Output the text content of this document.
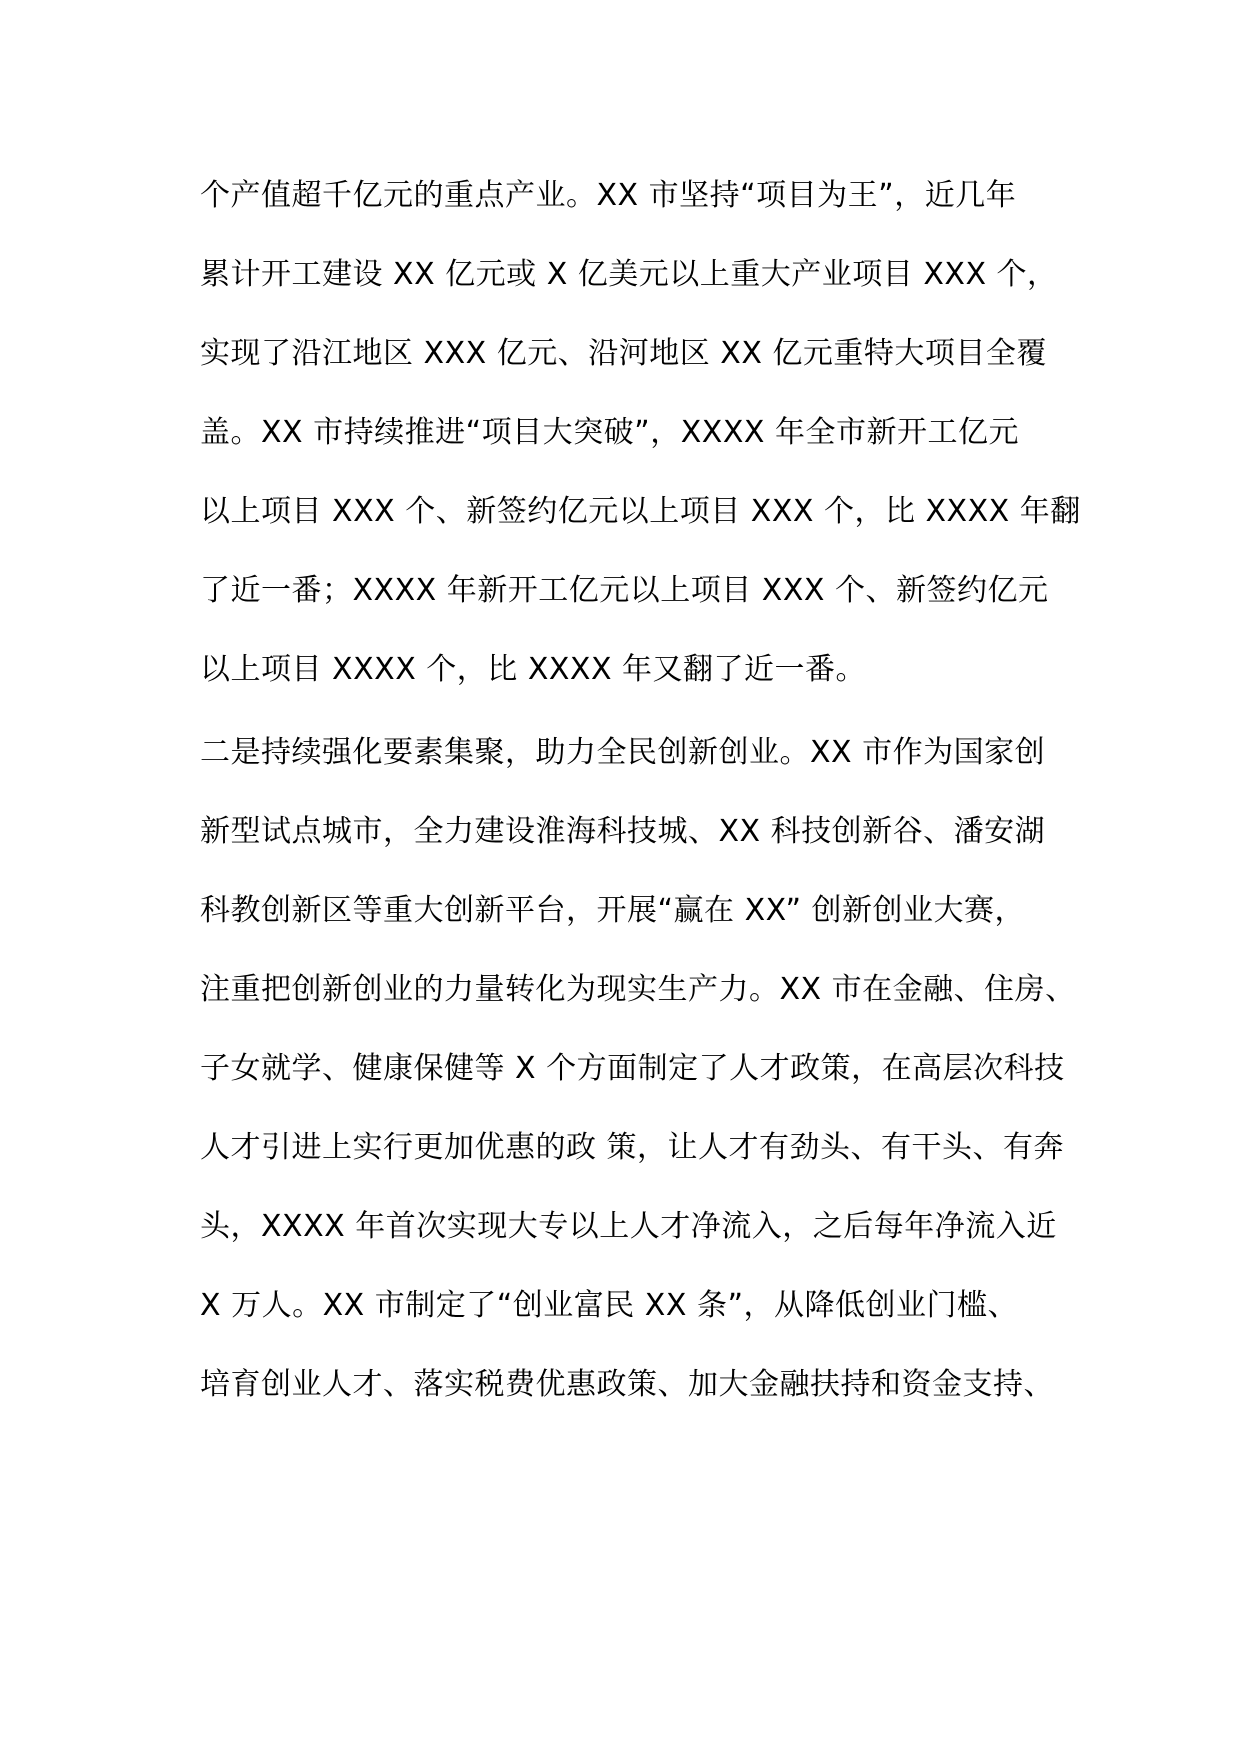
个产值超千亿元的重点产业。XX 市坚持“项目为王”，近几年
累计开工建设 XX 亿元或 X 亿美元以上重大产业项目 XXX 个，
实现了沿江地区 XXX 亿元、沿河地区 XX 亿元重特大项目全覆
盖。XX 市持续推进“项目大突破”，XXXX 年全市新开工亿元
以上项目 XXX 个、新签约亿元以上项目 XXX 个，比 XXXX 年翻
了近一番；XXXX 年新开工亿元以上项目 XXX 个、新签约亿元
以上项目 XXXX 个，比 XXXX 年又翻了近一番。
二是持续强化要素集聚，助力全民创新创业。XX 市作为国家创
新型试点城市，全力建设淮海科技城、XX 科技创新谷、潘安湖
科教创新区等重大创新平台，开展“赢在 XX” 创新创业大赛，
注重把创新创业的力量转化为现实生产力。XX 市在金融、住房、
子女就学、健康保健等 X 个方面制定了人才政策，在高层次科技
人才引进上实行更加优惠的政 策，让人才有劲头、有干头、有奔
头，XXXX 年首次实现大专以上人才净流入，之后每年净流入近
X 万人。XX 市制定了“创业富民 XX 条”，从降低创业门槛、
培育创业人才、落实税费优惠政策、加大金融扶持和资金支持、
